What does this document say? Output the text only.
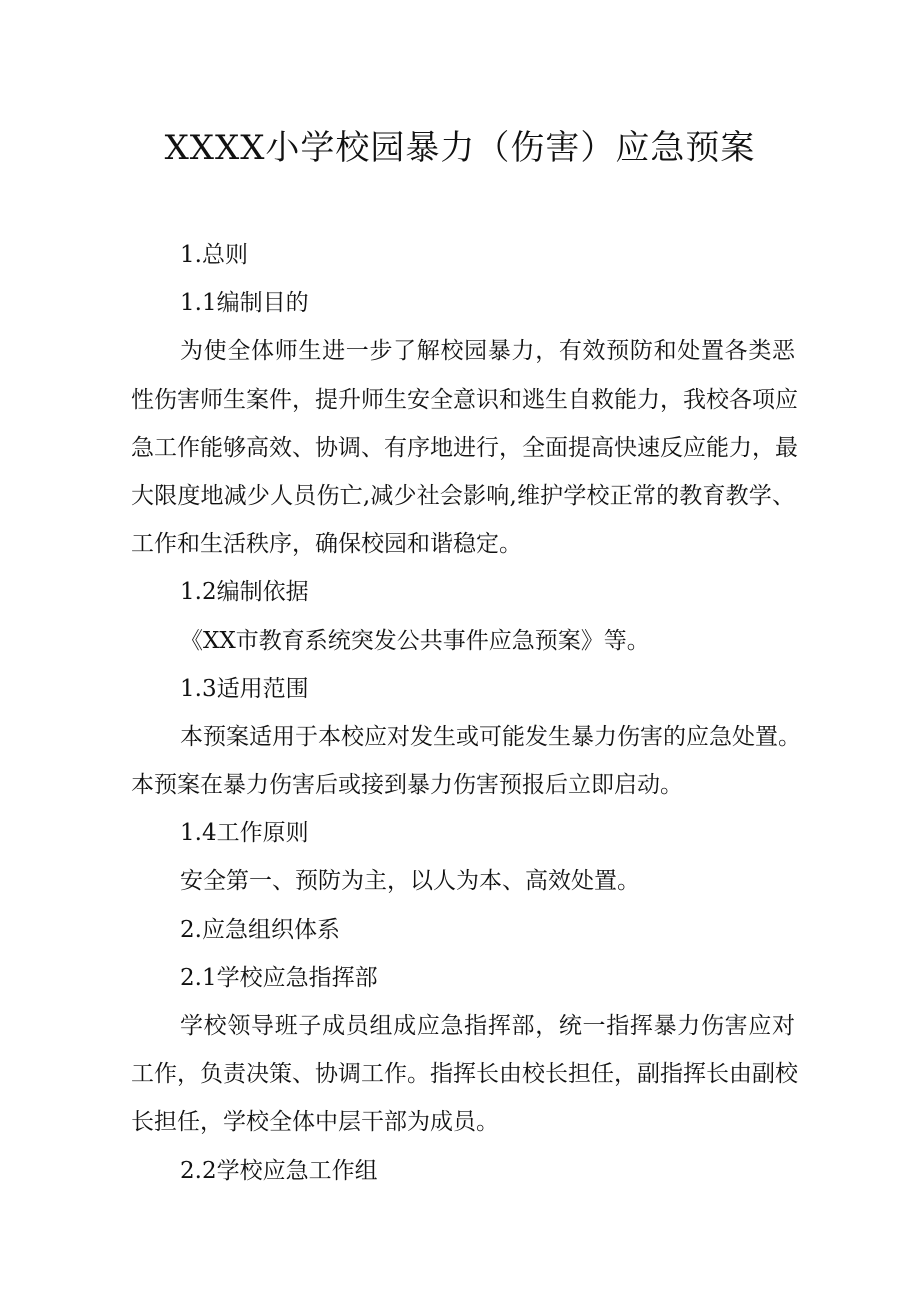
XXXX小学校园暴力（伤害）应急预案
1.总则
1.1编制目的
为使全体师生进一步了解校园暴力，有效预防和处置各类恶
性伤害师生案件，提升师生安全意识和逃生自救能力，我校各项应
急工作能够高效、协调、有序地进行，全面提高快速反应能力，最
大限度地减少人员伤亡,减少社会影响,维护学校正常的教育教学、
工作和生活秩序，确保校园和谐稳定。
1.2编制依据
《XX市教育系统突发公共事件应急预案》等。
1.3适用范围
本预案适用于本校应对发生或可能发生暴力伤害的应急处置。
本预案在暴力伤害后或接到暴力伤害预报后立即启动。
1.4工作原则
安全第一、预防为主，以人为本、高效处置。
2.应急组织体系
2.1学校应急指挥部
学校领导班子成员组成应急指挥部，统一指挥暴力伤害应对
工作，负责决策、协调工作。指挥长由校长担任，副指挥长由副校
长担任，学校全体中层干部为成员。
2.2学校应急工作组
